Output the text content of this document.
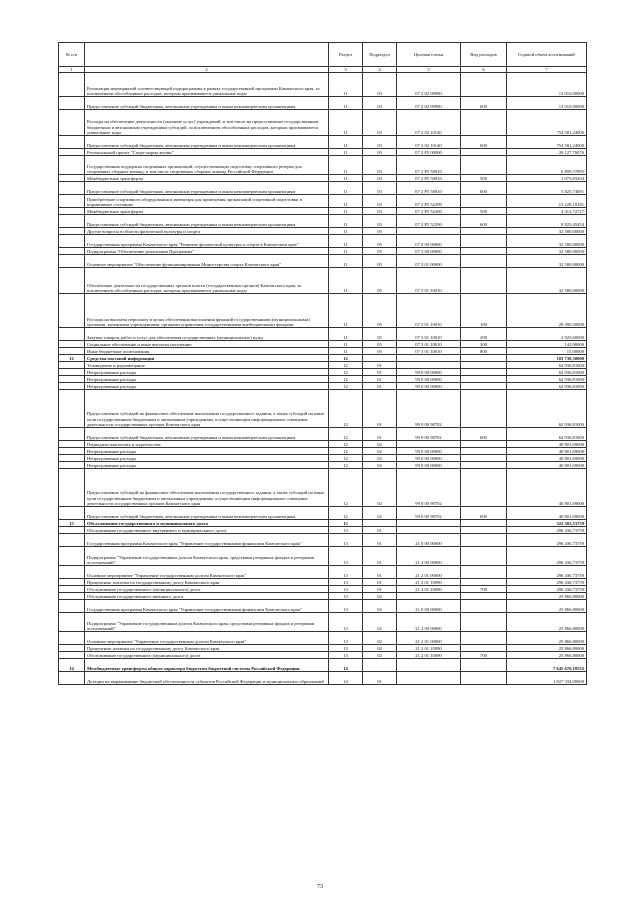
№ п/п		Раздел	Подраздел	Целевая статья	Вид расходов	Годовой объем ассигнований
1	2	3	4	5	6	7
	Реализация мероприятий соответствующей подпрограммы в рамках государственной программы Камчатского края, за исключением обособленных расходов, которым присваиваются уникальные коды	11	03	07 2 02 09990		13 010,00000
	Предоставление субсидий бюджетным, автономным учреждениям и иным некоммерческим организациям	11	03	07 2 02 09990	600	13 010,00000
	Расходы на обеспечение деятельности (оказание услуг) учреждений, в том числе на предоставление государственным бюджетным и автономным учреждениям субсидий, за исключением обособленных расходов, которым присваиваются уникальные коды	11	03	07 2 02 10140		754 581,24000
	Предоставление субсидий бюджетным, автономным учреждениям и иным некоммерческим организациям	11	03	07 2 02 10140	600	754 581,24000
	Региональный проект "Спорт-норма жизни"	11	03	07 2 P5 00000		20 127,76076
	Государственная поддержка спортивных организаций, осуществляющих подготовку спортивного резерва для спортивных сборных команд, в том числе спортивных сборных команд Российской Федерации	11	03	07 2 P5 50810		6 899,57895
	Межбюджетные трансферты	11	03	07 2 P5 50810	500	1 073,83204
	Предоставление субсидий бюджетным, автономным учреждениям и иным некоммерческим организациям	11	03	07 2 P5 50810	600	5 825,74691
	Приобретение спортивного оборудования и инвентаря для приведения организаций спортивной подготовки в нормативное состояние	11	03	07 2 P5 52290		13 228,18181
	Межбюджетные трансферты	11	03	07 2 P5 52290	500	4 412,72727
	Предоставление субсидий бюджетным, автономным учреждениям и иным некоммерческим организациям	11	03	07 2 P5 52290	600	8 825,45454
	Другие вопросы в области физической культуры и спорта	11	05			32 580,00000
	Государственная программа Камчатского края "Развитие физической культуры и спорта в Камчатском крае"	11	05	07 0 00 00000		32 580,00000
	Подпрограмма "Обеспечение реализации Программы"	11	05	07 3 00 00000		32 580,00000
	Основное мероприятие "Обеспечение функционирования Министерства спорта Камчатского края"	11	05	07 3 01 00000		32 580,00000
	Обеспечение деятельности государственных органов власти (государственных органов) Камчатского края, за исключением обособленных расходов, которым присваиваются уникальные коды	11	05	07 3 01 10010		32 580,00000
	Расходы на выплаты персоналу в целях обеспечения выполнения функций государственными (муниципальными) органами, казенными учреждениями, органами управления государственными внебюджетными фондами	11	05	07 3 01 10010	100	29 490,50000
	Закупка товаров, работ и услуг для обеспечения государственных (муниципальных) нужд	11	05	07 3 01 10010	200	2 925,60000
	Социальное обеспечение и иные выплаты населению	11	05	07 3 01 10010	300	142,90000
	Иные бюджетные ассигнования	11	05	07 3 01 10010	800	15,00000
12	Средства массовой информации	12				103 738,50000
	Телевидение и радиовещание	12	01			62 936,81000
	Непрограммные расходы	12	01	99 0 00 00000		62 936,81000
	Непрограммные расходы	12	01	99 0 00 00000		62 936,81000
	Непрограммные расходы	12	01	99 0 00 00000		62 936,81000
	Предоставление субсидий на финансовое обеспечение выполнения государственного задания, а также субсидий на иные цели государственным бюджетным и автономным учреждениям, осуществляющим информационное освещение деятельности государственных органов Камчатского края	12	01	99 0 00 98702		62 936,81000
	Предоставление субсидий бюджетным, автономным учреждениям и иным некоммерческим организациям	12	01	99 0 00 98702	600	62 936,81000
	Периодическая печать и издательства	12	02			40 801,69000
	Непрограммные расходы	12	02	99 0 00 00000		40 801,69000
	Непрограммные расходы	12	02	99 0 00 00000		40 801,69000
	Непрограммные расходы	12	02	99 0 00 00000		40 801,69000
	Предоставление субсидий на финансовое обеспечение выполнения государственного задания, а также субсидий на иные цели государственным бюджетным и автономным учреждениям, осуществляющим информационное освещение деятельности государственных органов Камчатского края	12	02	99 0 00 98702		40 801,69000
	Предоставление субсидий бюджетным, автономным учреждениям и иным некоммерческим организациям	12	02	99 0 00 98702	600	40 801,69000
13	Обслуживание государственного и муниципального долга	13				322 302,53759
	Обслуживание государственного внутреннего и муниципального долга	13	01			296 436,73759
	Государственная программа Камчатского края "Управление государственными финансами Камчатского края"	13	01	21 0 00 00000		296 436,73759
	Подпрограмма "Управление государственным долгом Камчатского края, средствами резервных фондов и резервами ассигнований"	13	01	21 2 00 00000		296 436,73759
	Основное мероприятие "Управление государственным долгом Камчатского края"	13	01	21 2 01 00000		296 436,73759
	Процентные платежи по государственному долгу Камчатского края	13	01	21 2 01 10090		296 436,73759
	Обслуживание государственного (муниципального) долга	13	01	21 2 01 10090	700	296 436,73759
	Обслуживание государственного внешнего долга	13	02			25 866,80000
	Государственная программа Камчатского края "Управление государственными финансами Камчатского края"	13	02	21 0 00 00000		25 866,80000
	Подпрограмма "Управление государственным долгом Камчатского края, средствами резервных фондов и резервами ассигнований"	13	02	21 2 00 00000		25 866,80000
	Основное мероприятие "Управление государственным долгом Камчатского края"	13	02	21 2 01 00000		25 866,80000
	Процентные платежи по государственному долгу Камчатского края	13	02	21 2 01 10090		25 866,80000
	Обслуживание государственного (муниципального) долга	13	02	21 2 01 10090	700	25 866,80000
14	Межбюджетные трансферты общего характера бюджетам бюджетной системы Российской Федерации	14				7 645 676,18532
	Дотации на выравнивание бюджетной обеспеченности субъектов Российской Федерации и муниципальных образований	14	01			1 827 334,00000
73
